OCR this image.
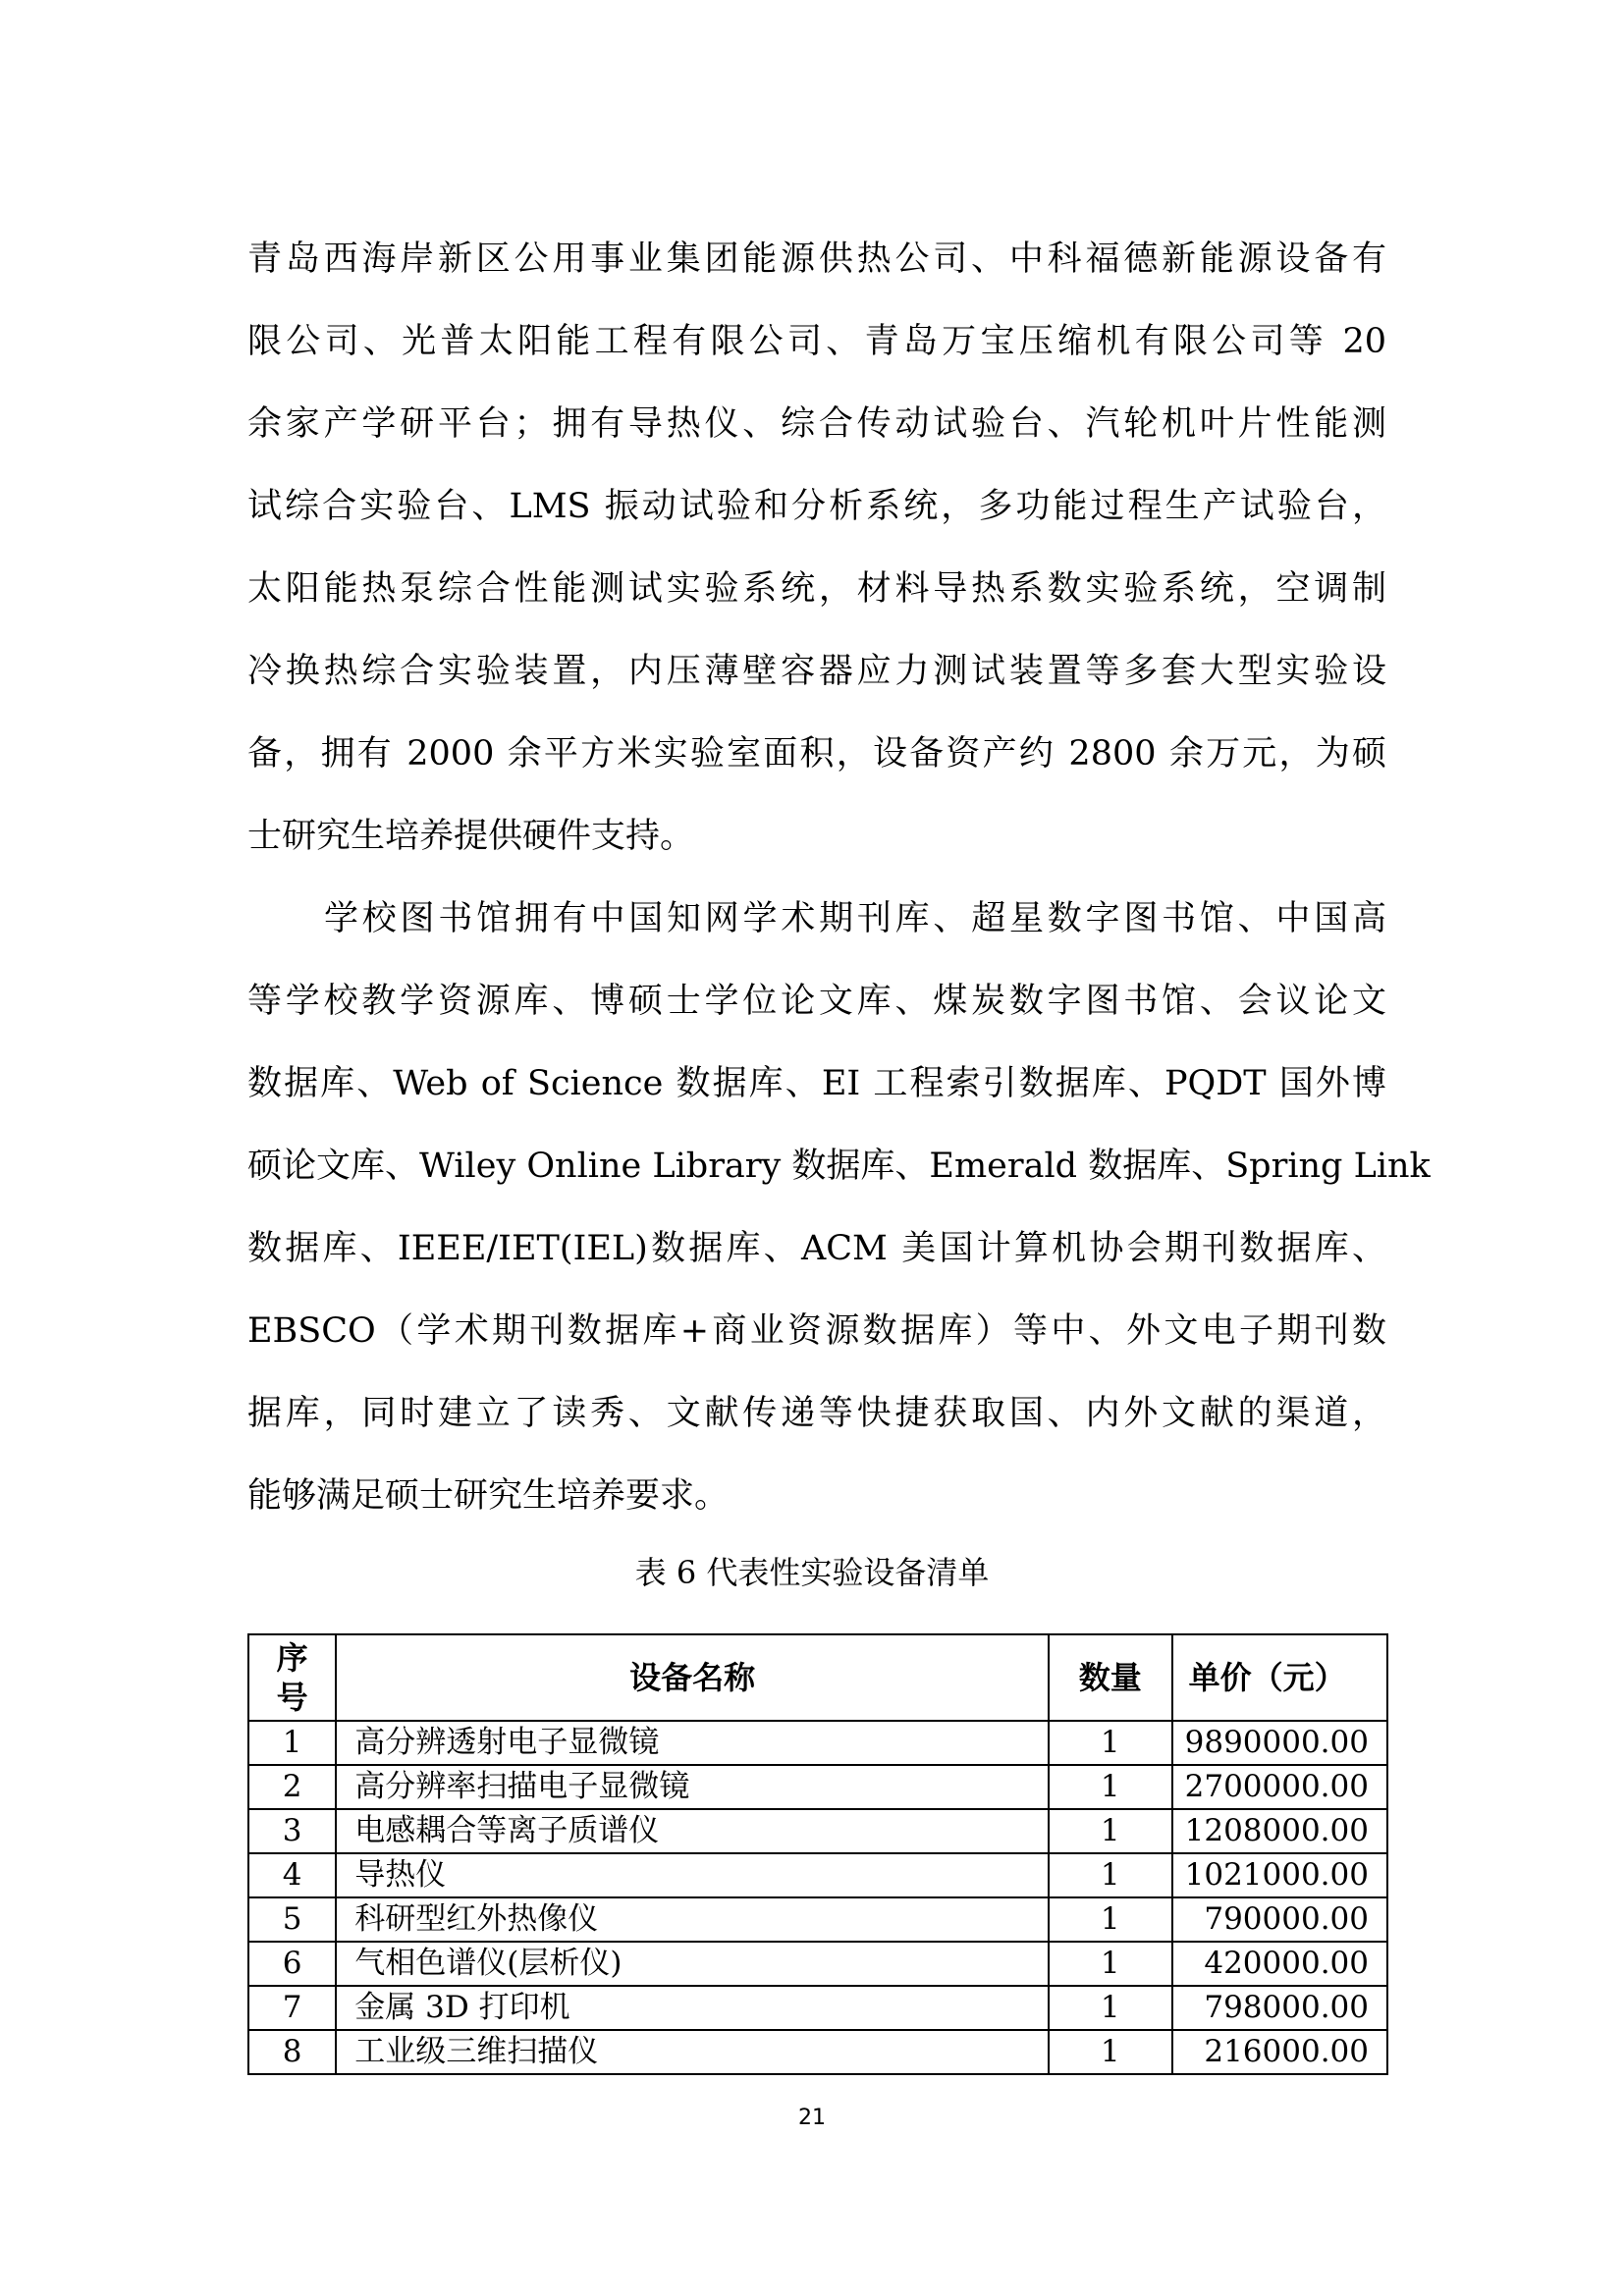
青岛西海岸新区公用事业集团能源供热公司、中科福德新能源设备有
限公司、光普太阳能工程有限公司、青岛万宝压缩机有限公司等 20
余家产学研平台；拥有导热仪、综合传动试验台、汽轮机叶片性能测
试综合实验台、LMS 振动试验和分析系统，多功能过程生产试验台，
太阳能热泵综合性能测试实验系统，材料导热系数实验系统，空调制
冷换热综合实验装置，内压薄壁容器应力测试装置等多套大型实验设
备，拥有 2000 余平方米实验室面积，设备资产约 2800 余万元，为硕
士研究生培养提供硬件支持。
学校图书馆拥有中国知网学术期刊库、超星数字图书馆、中国高
等学校教学资源库、博硕士学位论文库、煤炭数字图书馆、会议论文
数据库、Web of Science 数据库、EI 工程索引数据库、PQDT 国外博
硕论文库、Wiley Online Library 数据库、Emerald 数据库、Spring Link
数据库、IEEE/IET(IEL)数据库、ACM 美国计算机协会期刊数据库、
EBSCO（学术期刊数据库+商业资源数据库）等中、外文电子期刊数
据库，同时建立了读秀、文献传递等快捷获取国、内外文献的渠道，
能够满足硕士研究生培养要求。
表 6 代表性实验设备清单
序
号	设备名称	数量	单价（元）
1	高分辨透射电子显微镜	1	9890000.00
2	高分辨率扫描电子显微镜	1	2700000.00
3	电感耦合等离子质谱仪	1	1208000.00
4	导热仪	1	1021000.00
5	科研型红外热像仪	1	790000.00
6	气相色谱仪(层析仪)	1	420000.00
7	金属 3D 打印机	1	798000.00
8	工业级三维扫描仪	1	216000.00
21
